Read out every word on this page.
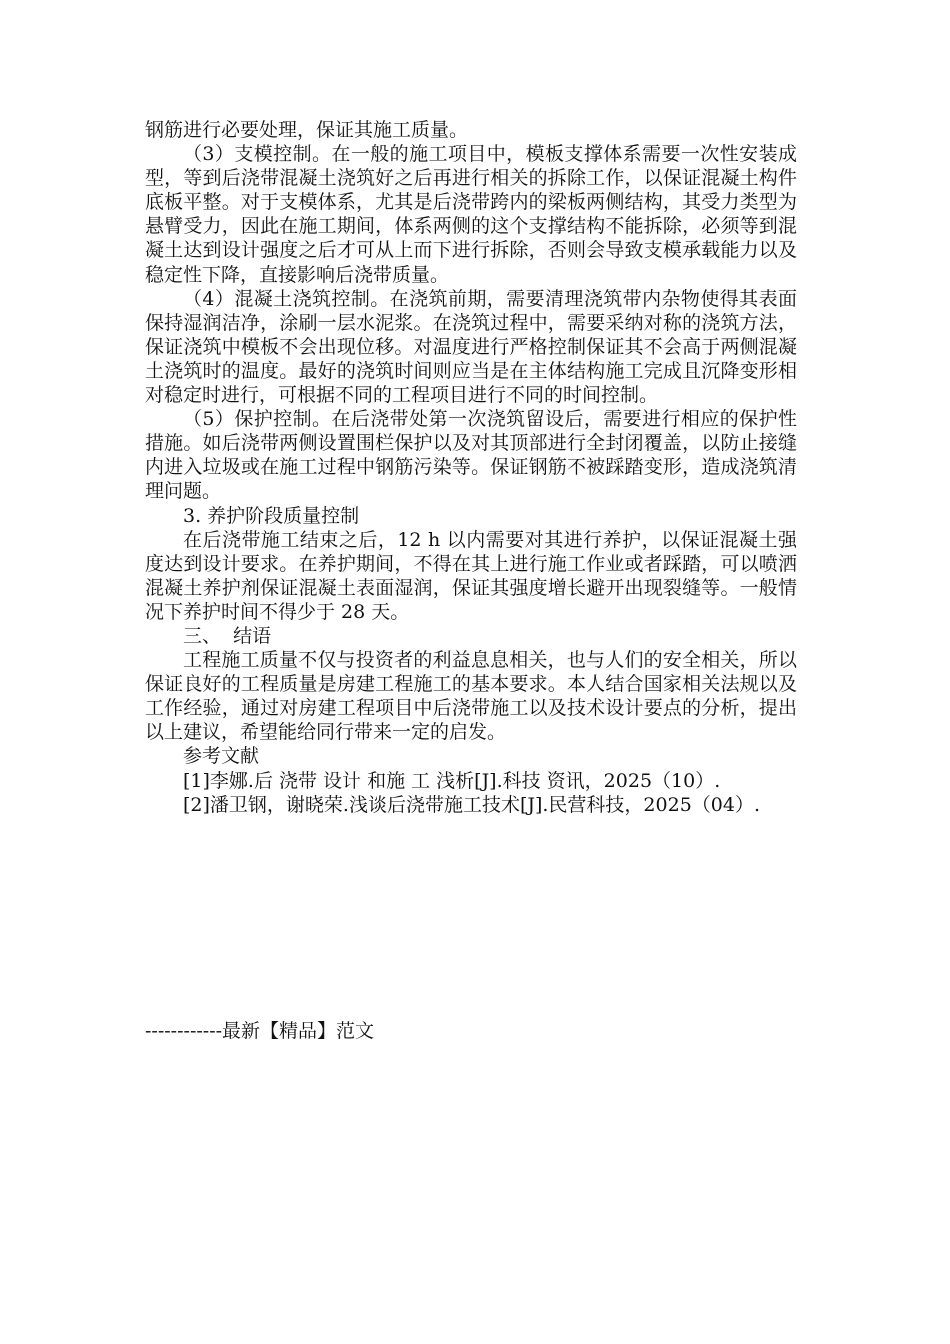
钢筋进行必要处理，保证其施工质量。

（3）支模控制。在一般的施工项目中，模板支撑体系需要一次性安装成型，等到后浇带混凝土浇筑好之后再进行相关的拆除工作，以保证混凝土构件底板平整。对于支模体系，尤其是后浇带跨内的梁板两侧结构，其受力类型为悬臂受力，因此在施工期间，体系两侧的这个支撑结构不能拆除，必须等到混凝土达到设计强度之后才可从上而下进行拆除，否则会导致支模承载能力以及稳定性下降，直接影响后浇带质量。

（4）混凝土浇筑控制。在浇筑前期，需要清理浇筑带内杂物使得其表面保持湿润洁净，涂刷一层水泥浆。在浇筑过程中，需要采纳对称的浇筑方法，保证浇筑中模板不会出现位移。对温度进行严格控制保证其不会高于两侧混凝土浇筑时的温度。最好的浇筑时间则应当是在主体结构施工完成且沉降变形相对稳定时进行，可根据不同的工程项目进行不同的时间控制。

（5）保护控制。在后浇带处第一次浇筑留设后，需要进行相应的保护性措施。如后浇带两侧设置围栏保护以及对其顶部进行全封闭覆盖，以防止接缝内进入垃圾或在施工过程中钢筋污染等。保证钢筋不被踩踏变形，造成浇筑清理问题。

3. 养护阶段质量控制

在后浇带施工结束之后，12 h 以内需要对其进行养护，以保证混凝土强度达到设计要求。在养护期间，不得在其上进行施工作业或者踩踏，可以喷洒混凝土养护剂保证混凝土表面湿润，保证其强度增长避开出现裂缝等。一般情况下养护时间不得少于 28 天。

三、  结语

工程施工质量不仅与投资者的利益息息相关，也与人们的安全相关，所以保证良好的工程质量是房建工程施工的基本要求。本人结合国家相关法规以及工作经验，通过对房建工程项目中后浇带施工以及技术设计要点的分析，提出以上建议，希望能给同行带来一定的启发。

参考文献

[1]李娜.后 浇带 设计 和施 工 浅析[J].科技 资讯，2025（10）.

[2]潘卫钢，谢晓荣.浅谈后浇带施工技术[J].民营科技，2025（04）.

------------最新【精品】范文
